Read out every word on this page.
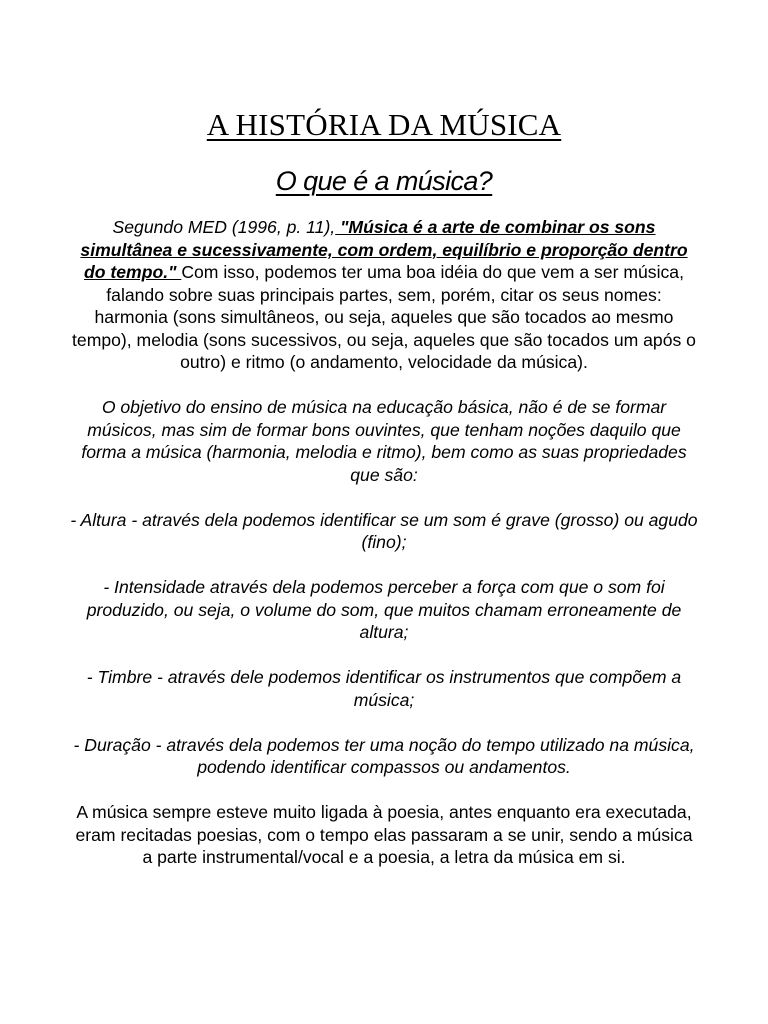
A HISTÓRIA DA MÚSICA
O que é a música?

Segundo MED (1996, p. 11), "Música é a arte de combinar os sons simultânea e sucessivamente, com ordem, equilíbrio e proporção dentro do tempo." Com isso, podemos ter uma boa idéia do que vem a ser música, falando sobre suas principais partes, sem, porém, citar os seus nomes: harmonia (sons simultâneos, ou seja, aqueles que são tocados ao mesmo tempo), melodia (sons sucessivos, ou seja, aqueles que são tocados um após o outro) e ritmo (o andamento, velocidade da música).

O objetivo do ensino de música na educação básica, não é de se formar músicos, mas sim de formar bons ouvintes, que tenham noções daquilo que forma a música (harmonia, melodia e ritmo), bem como as suas propriedades que são:

- Altura - através dela podemos identificar se um som é grave (grosso) ou agudo (fino);

- Intensidade através dela podemos perceber a força com que o som foi produzido, ou seja, o volume do som, que muitos chamam erroneamente de altura;

- Timbre - através dele podemos identificar os instrumentos que compõem a música;

- Duração - através dela podemos ter uma noção do tempo utilizado na música, podendo identificar compassos ou andamentos.

A música sempre esteve muito ligada à poesia, antes enquanto era executada, eram recitadas poesias, com o tempo elas passaram a se unir, sendo a música a parte instrumental/vocal e a poesia, a letra da música em si.
